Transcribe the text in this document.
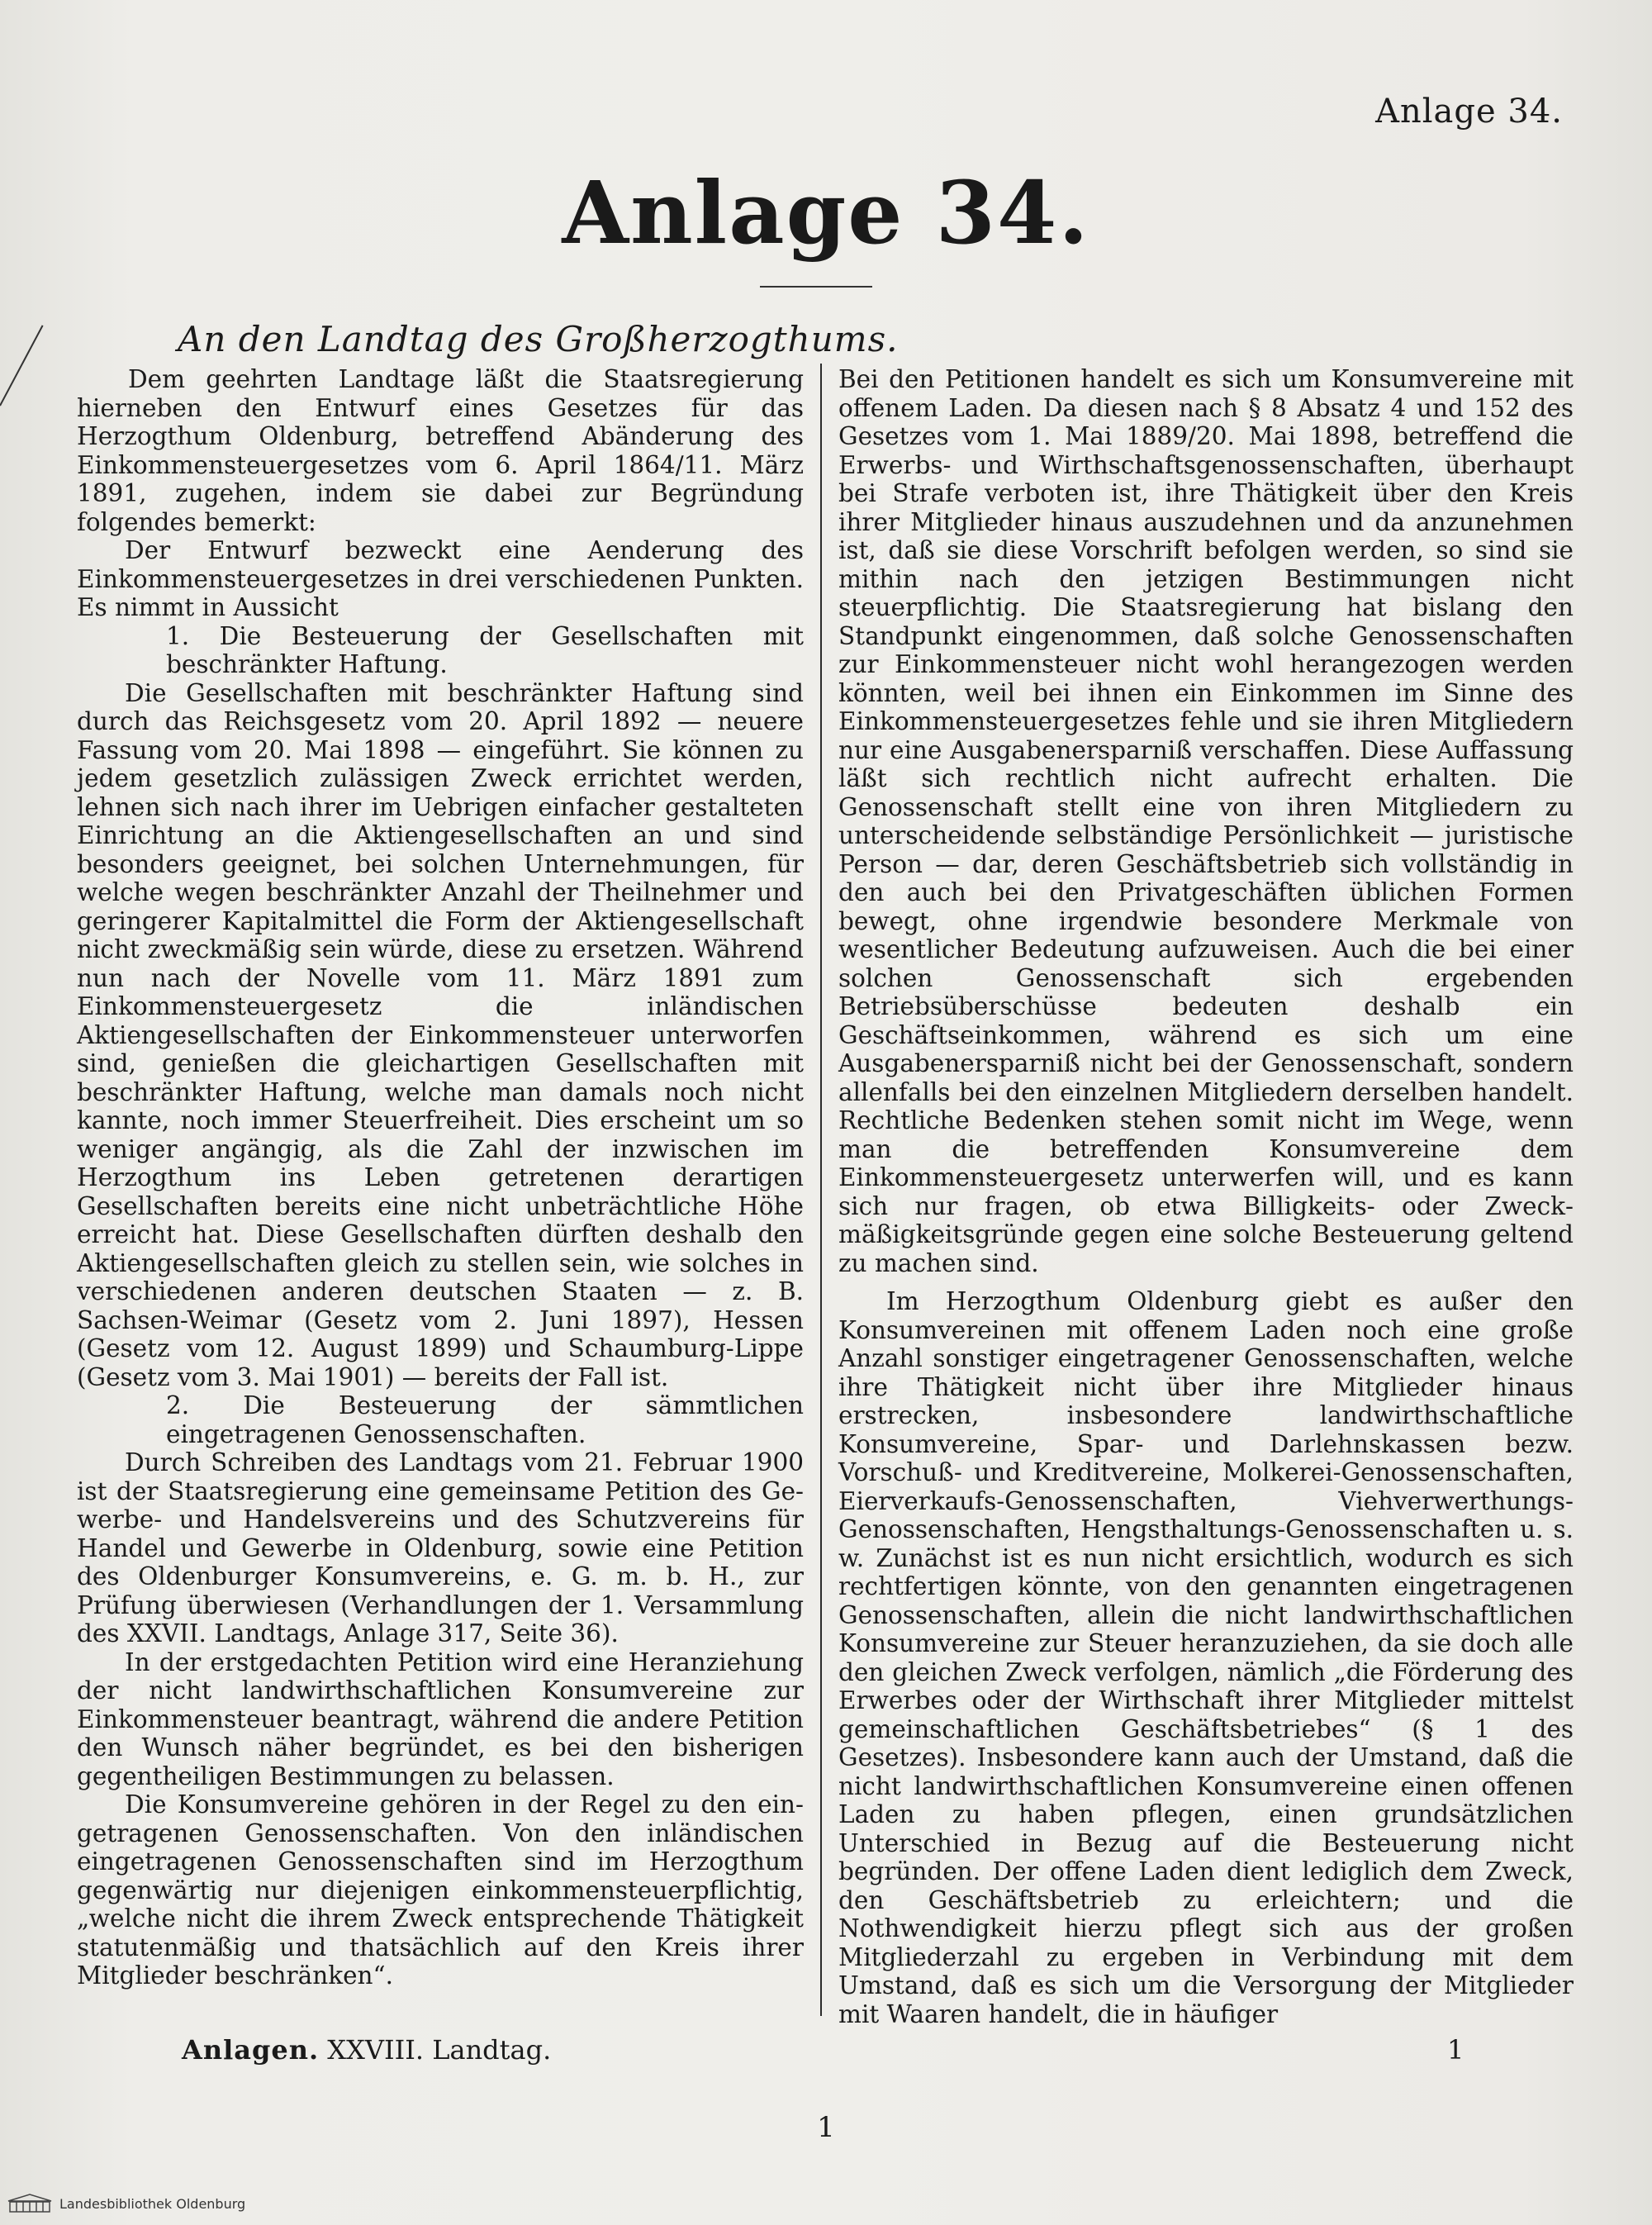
Anlage 34.
Anlage 34.
An den Landtag des Großherzogthums.

Dem geehrten Landtage läßt die Staatsregierung hierneben den Entwurf eines Gesetzes für das Herzogthum Oldenburg, betreffend Abänderung des Einkommensteuergesetzes vom 6. April 1864/11. März 1891, zugehen, indem sie dabei zur Begründung folgendes bemerkt:

Der Entwurf bezweckt eine Aenderung des Einkommensteuergesetzes in drei verschiedenen Punkten. Es nimmt in Aussicht

1. Die Besteuerung der Gesellschaften mit beschränkter Haftung.

Die Gesellschaften mit beschränkter Haftung sind durch das Reichsgesetz vom 20. April 1892 — neuere Fassung vom 20. Mai 1898 — eingeführt. Sie können zu jedem gesetzlich zulässigen Zweck errichtet werden, lehnen sich nach ihrer im Uebrigen einfacher gestalteten Einrichtung an die Aktiengesellschaften an und sind besonders geeignet, bei solchen Unternehmungen, für welche wegen beschränkter Anzahl der Theilnehmer und geringerer Kapitalmittel die Form der Aktiengesellschaft nicht zweckmäßig sein würde, diese zu ersetzen. Während nun nach der Novelle vom 11. März 1891 zum Einkommensteuergesetz die inländischen Aktiengesellschaften der Einkommensteuer unterworfen sind, genießen die gleichartigen Gesellschaften mit beschränkter Haftung, welche man damals noch nicht kannte, noch immer Steuerfreiheit. Dies erscheint um so weniger angängig, als die Zahl der inzwischen im Herzogthum ins Leben getretenen derartigen Gesellschaften bereits eine nicht unbeträchtliche Höhe erreicht hat. Diese Gesellschaften dürften deshalb den Aktiengesellschaften gleich zu stellen sein, wie solches in verschiedenen anderen deutschen Staaten — z. B. Sachsen-Weimar (Gesetz vom 2. Juni 1897), Hessen (Gesetz vom 12. August 1899) und Schaumburg-Lippe (Gesetz vom 3. Mai 1901) — bereits der Fall ist.

2. Die Besteuerung der sämmtlichen eingetragenen Genossenschaften.

Durch Schreiben des Landtags vom 21. Februar 1900 ist der Staatsregierung eine gemeinsame Petition des Gewerbe- und Handelsvereins und des Schutzvereins für Handel und Gewerbe in Oldenburg, sowie eine Petition des Oldenburger Konsumvereins, e. G. m. b. H., zur Prüfung überwiesen (Verhandlungen der 1. Versammlung des XXVII. Landtags, Anlage 317, Seite 36).

In der erstgedachten Petition wird eine Heranziehung der nicht landwirthschaftlichen Konsumvereine zur Einkommensteuer beantragt, während die andere Petition den Wunsch näher begründet, es bei den bisherigen gegentheiligen Bestimmungen zu belassen.

Die Konsumvereine gehören in der Regel zu den eingetragenen Genossenschaften. Von den inländischen eingetragenen Genossenschaften sind im Herzogthum gegenwärtig nur diejenigen einkommensteuerpflichtig, „welche nicht die ihrem Zweck entsprechende Thätigkeit statutenmäßig und thatsächlich auf den Kreis ihrer Mitglieder beschränken“.

Bei den Petitionen handelt es sich um Konsumvereine mit offenem Laden. Da diesen nach § 8 Absatz 4 und 152 des Gesetzes vom 1. Mai 1889/20. Mai 1898, betreffend die Erwerbs- und Wirthschaftsgenossenschaften, überhaupt bei Strafe verboten ist, ihre Thätigkeit über den Kreis ihrer Mitglieder hinaus auszudehnen und da anzunehmen ist, daß sie diese Vorschrift befolgen werden, so sind sie mithin nach den jetzigen Bestimmungen nicht steuerpflichtig. Die Staatsregierung hat bislang den Standpunkt eingenommen, daß solche Genossenschaften zur Einkommensteuer nicht wohl herangezogen werden könnten, weil bei ihnen ein Einkommen im Sinne des Einkommensteuergesetzes fehle und sie ihren Mitgliedern nur eine Ausgabenersparniß verschaffen. Diese Auffassung läßt sich rechtlich nicht aufrecht erhalten. Die Genossenschaft stellt eine von ihren Mitgliedern zu unterscheidende selbständige Persönlichkeit — juristische Person — dar, deren Geschäftsbetrieb sich vollständig in den auch bei den Privatgeschäften üblichen Formen bewegt, ohne irgendwie besondere Merkmale von wesentlicher Bedeutung aufzuweisen. Auch die bei einer solchen Genossenschaft sich ergebenden Betriebsüberschüsse bedeuten deshalb ein Geschäftseinkommen, während es sich um eine Ausgabenersparniß nicht bei der Genossenschaft, sondern allenfalls bei den einzelnen Mitgliedern derselben handelt. Rechtliche Bedenken stehen somit nicht im Wege, wenn man die betreffenden Konsumvereine dem Einkommensteuergesetz unterwerfen will, und es kann sich nur fragen, ob etwa Billigkeits- oder Zweckmäßigkeitsgründe gegen eine solche Besteuerung geltend zu machen sind.

Im Herzogthum Oldenburg giebt es außer den Konsumvereinen mit offenem Laden noch eine große Anzahl sonstiger eingetragener Genossenschaften, welche ihre Thätigkeit nicht über ihre Mitglieder hinaus erstrecken, insbesondere landwirthschaftliche Konsumvereine, Spar- und Darlehnskassen bezw. Vorschuß- und Kreditvereine, Molkerei-Genossenschaften, Eierverkaufs-Genossenschaften, Viehverwerthungs-Genossenschaften, Hengsthaltungs-Genossenschaften u. s. w. Zunächst ist es nun nicht ersichtlich, wodurch es sich rechtfertigen könnte, von den genannten eingetragenen Genossenschaften, allein die nicht landwirthschaftlichen Konsumvereine zur Steuer heranzuziehen, da sie doch alle den gleichen Zweck verfolgen, nämlich „die Förderung des Erwerbes oder der Wirthschaft ihrer Mitglieder mittelst gemeinschaftlichen Geschäftsbetriebes“ (§ 1 des Gesetzes). Insbesondere kann auch der Umstand, daß die nicht landwirthschaftlichen Konsumvereine einen offenen Laden zu haben pflegen, einen grundsätzlichen Unterschied in Bezug auf die Besteuerung nicht begründen. Der offene Laden dient lediglich dem Zweck, den Geschäftsbetrieb zu erleichtern; und die Nothwendigkeit hierzu pflegt sich aus der großen Mitgliederzahl zu ergeben in Verbindung mit dem Umstand, daß es sich um die Versorgung der Mitglieder mit Waaren handelt, die in häufiger

Anlagen. XXVIII. Landtag.	1
1
Landesbibliothek Oldenburg
